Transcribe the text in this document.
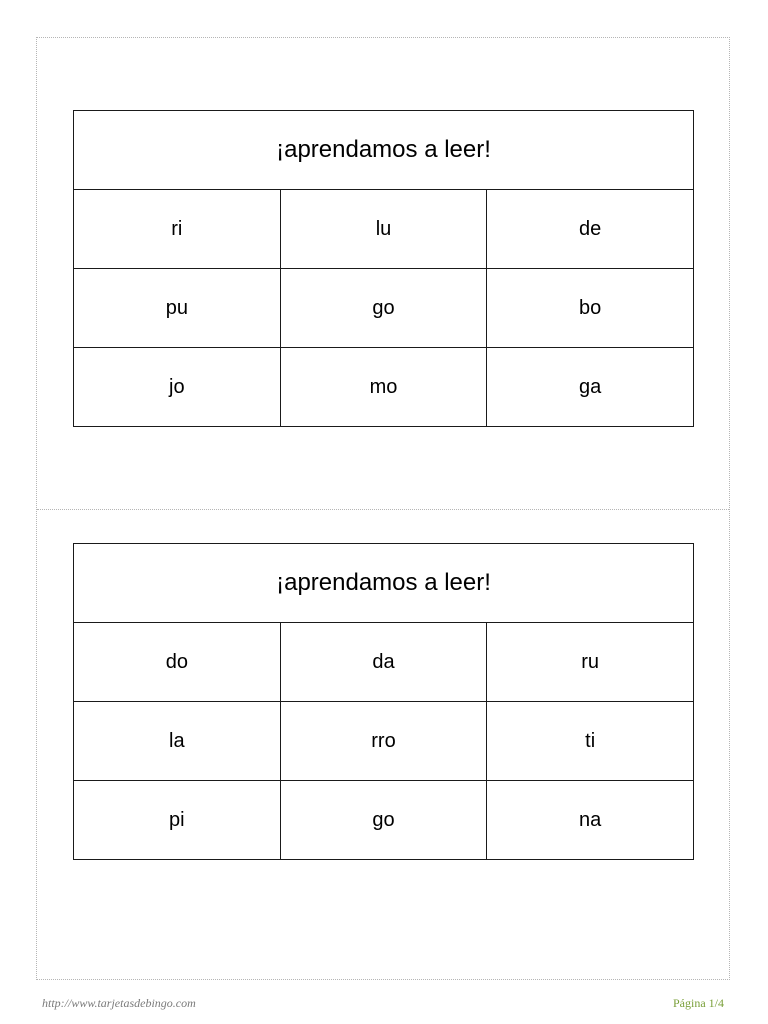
¡aprendamos a leer!		
ri	lu	de
pu	go	bo
jo	mo	ga
¡aprendamos a leer!		
do	da	ru
la	rro	ti
pi	go	na
http://www.tarjetasdebingo.com	Página 1/4
